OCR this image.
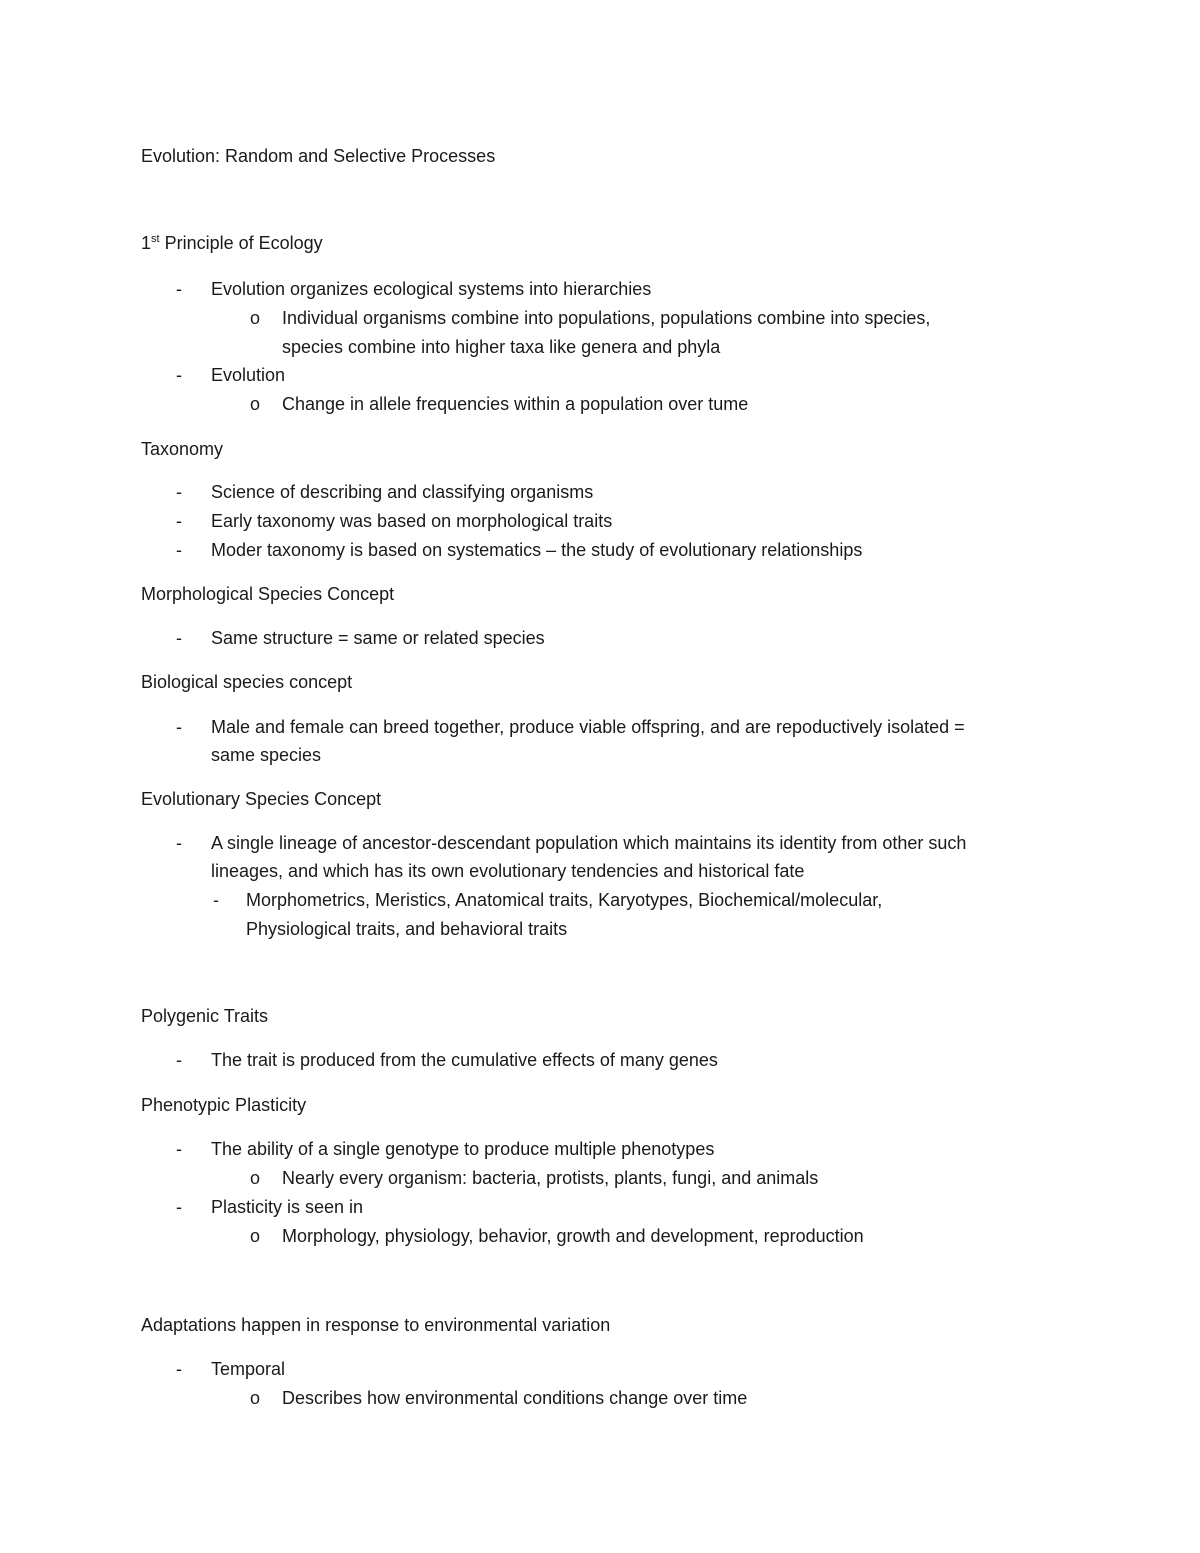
Evolution: Random and Selective Processes
1st Principle of Ecology
- Evolution organizes ecological systems into hierarchies
o Individual organisms combine into populations, populations combine into species,
species combine into higher taxa like genera and phyla
- Evolution
o Change in allele frequencies within a population over tume
Taxonomy
- Science of describing and classifying organisms
- Early taxonomy was based on morphological traits
- Moder taxonomy is based on systematics – the study of evolutionary relationships
Morphological Species Concept
- Same structure = same or related species
Biological species concept
- Male and female can breed together, produce viable offspring, and are repoductively isolated =
same species
Evolutionary Species Concept
- A single lineage of ancestor-descendant population which maintains its identity from other such
lineages, and which has its own evolutionary tendencies and historical fate
- Morphometrics, Meristics, Anatomical traits, Karyotypes, Biochemical/molecular,
Physiological traits, and behavioral traits
Polygenic Traits
- The trait is produced from the cumulative effects of many genes
Phenotypic Plasticity
- The ability of a single genotype to produce multiple phenotypes
o Nearly every organism: bacteria, protists, plants, fungi, and animals
- Plasticity is seen in
o Morphology, physiology, behavior, growth and development, reproduction
Adaptations happen in response to environmental variation
- Temporal
o Describes how environmental conditions change over time
